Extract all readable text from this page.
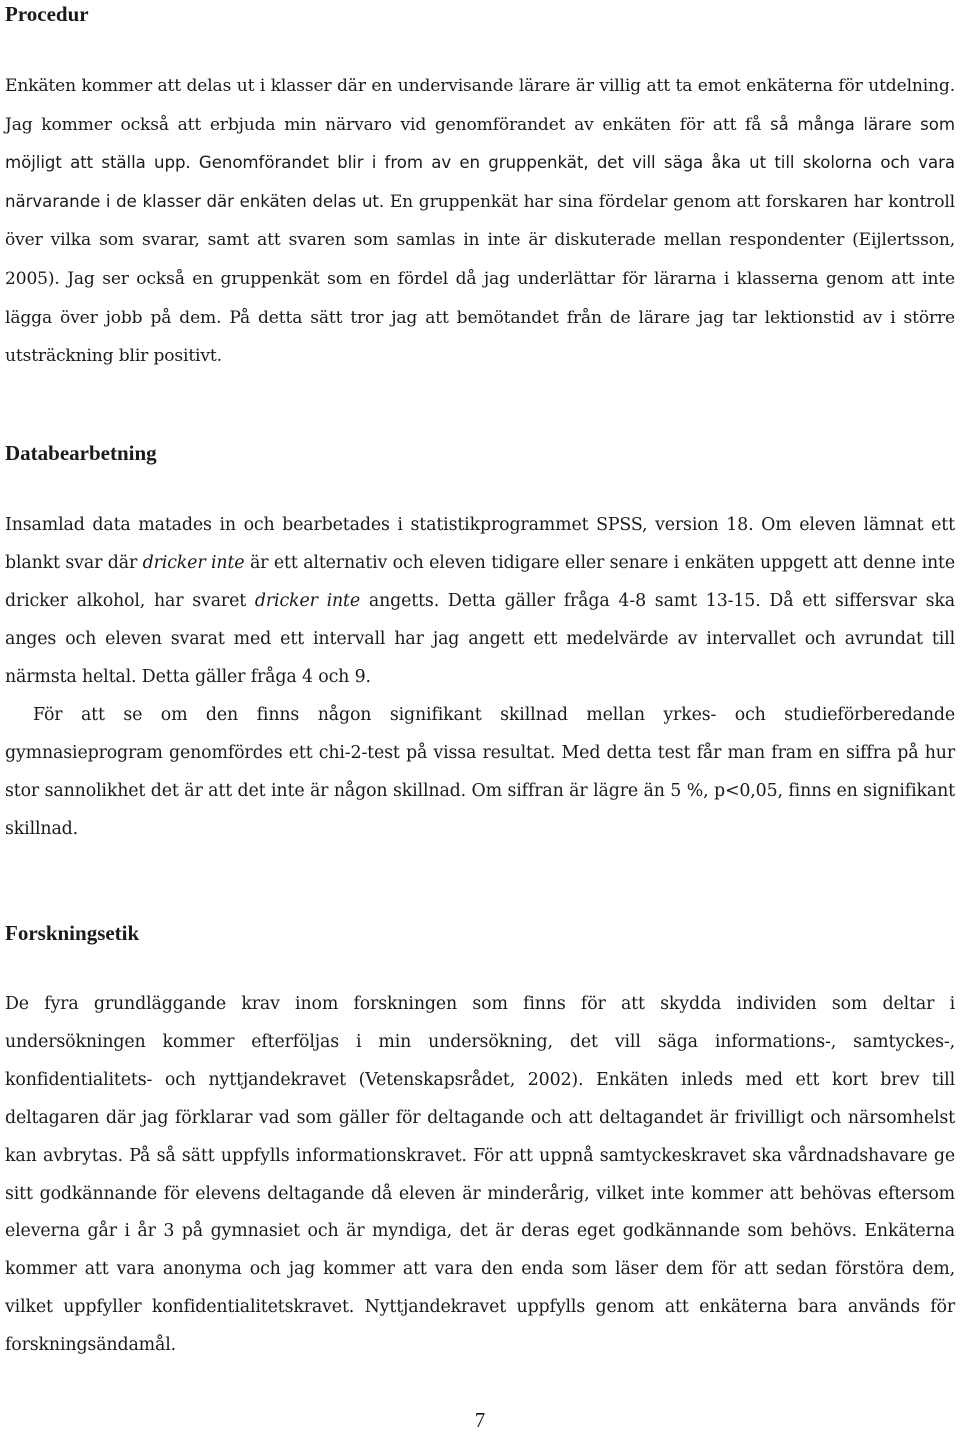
Procedur

Enkäten kommer att delas ut i klasser där en undervisande lärare är villig att ta emot enkäterna för utdelning. Jag kommer också att erbjuda min närvaro vid genomförandet av enkäten för att få så många lärare som möjligt att ställa upp. Genomförandet blir i from av en gruppenkät, det vill säga åka ut till skolorna och vara närvarande i de klasser där enkäten delas ut. En gruppenkät har sina fördelar genom att forskaren har kontroll över vilka som svarar, samt att svaren som samlas in inte är diskuterade mellan respondenter (Eijlertsson, 2005). Jag ser också en gruppenkät som en fördel då jag underlättar för lärarna i klasserna genom att inte lägga över jobb på dem. På detta sätt tror jag att bemötandet från de lärare jag tar lektionstid av i större utsträckning blir positivt.

Databearbetning

Insamlad data matades in och bearbetades i statistikprogrammet SPSS, version 18. Om eleven lämnat ett blankt svar där dricker inte är ett alternativ och eleven tidigare eller senare i enkäten uppgett att denne inte dricker alkohol, har svaret dricker inte angetts. Detta gäller fråga 4-8 samt 13-15. Då ett siffersvar ska anges och eleven svarat med ett intervall har jag angett ett medelvärde av intervallet och avrundat till närmsta heltal. Detta gäller fråga 4 och 9.

För att se om den finns någon signifikant skillnad mellan yrkes- och studieförberedande gymnasieprogram genomfördes ett chi-2-test på vissa resultat. Med detta test får man fram en siffra på hur stor sannolikhet det är att det inte är någon skillnad. Om siffran är lägre än 5 %, p<0,05, finns en signifikant skillnad.

Forskningsetik

De fyra grundläggande krav inom forskningen som finns för att skydda individen som deltar i undersökningen kommer efterföljas i min undersökning, det vill säga informations-, samtyckes-, konfidentialitets- och nyttjandekravet (Vetenskapsrådet, 2002). Enkäten inleds med ett kort brev till deltagaren där jag förklarar vad som gäller för deltagande och att deltagandet är frivilligt och närsomhelst kan avbrytas. På så sätt uppfylls informationskravet. För att uppnå samtyckeskravet ska vårdnadshavare ge sitt godkännande för elevens deltagande då eleven är minderårig, vilket inte kommer att behövas eftersom eleverna går i år 3 på gymnasiet och är myndiga, det är deras eget godkännande som behövs. Enkäterna kommer att vara anonyma och jag kommer att vara den enda som läser dem för att sedan förstöra dem, vilket uppfyller konfidentialitetskravet. Nyttjandekravet uppfylls genom att enkäterna bara används för forskningsändamål.

7
